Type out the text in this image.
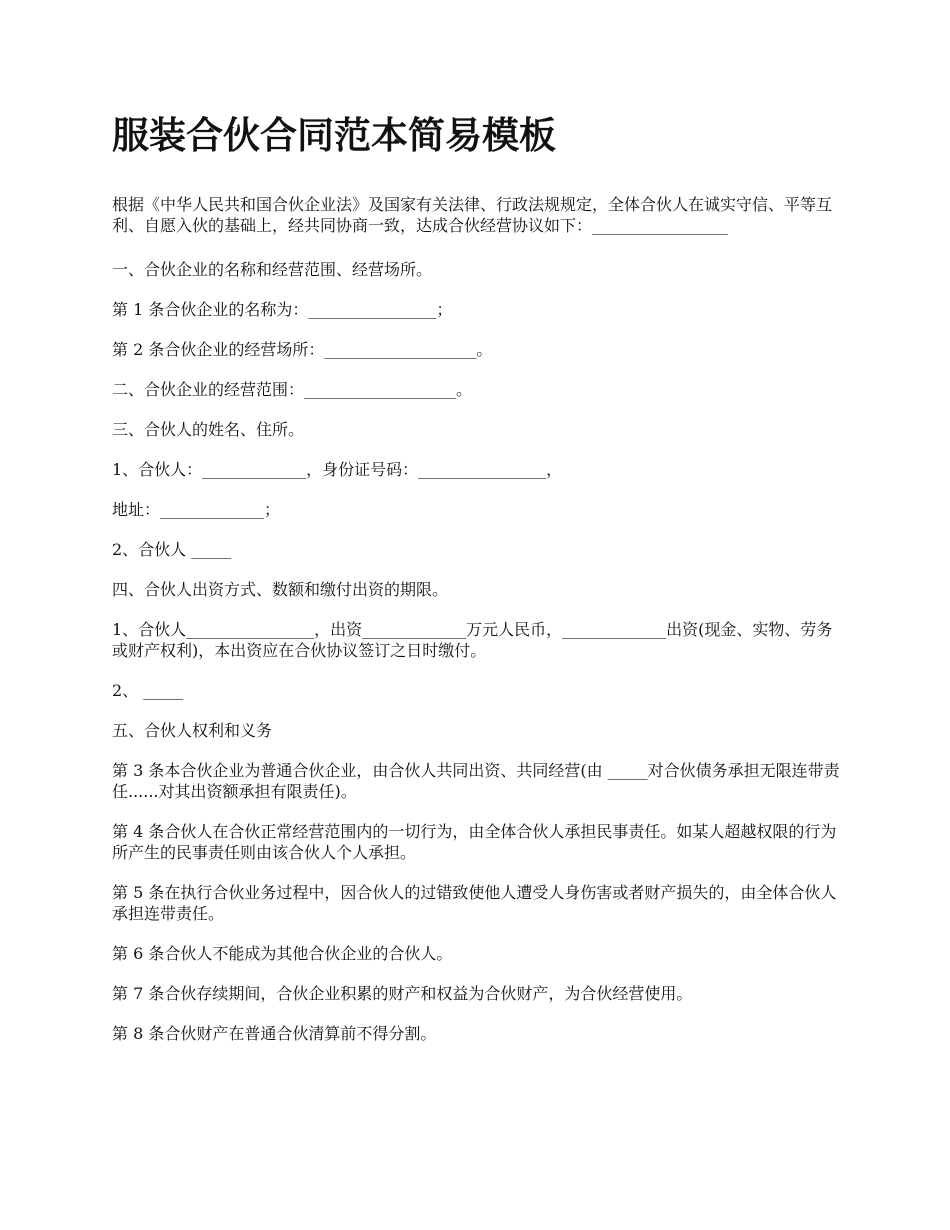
服装合伙合同范本简易模板

根据《中华人民共和国合伙企业法》及国家有关法律、行政法规规定，全体合伙人在诚实守信、平等互利、自愿入伙的基础上，经共同协商一致，达成合伙经营协议如下：_________________

一、合伙企业的名称和经营范围、经营场所。

第 1 条合伙企业的名称为：________________；

第 2 条合伙企业的经营场所：___________________。

二、合伙企业的经营范围：___________________。

三、合伙人的姓名、住所。

1、合伙人：_____________，身份证号码：________________，

地址：_____________；

2、合伙人 _____

四、合伙人出资方式、数额和缴付出资的期限。

1、合伙人________________，出资_____________万元人民币，_____________出资(现金、实物、劳务或财产权利)，本出资应在合伙协议签订之日时缴付。

2、 _____

五、合伙人权利和义务

第 3 条本合伙企业为普通合伙企业，由合伙人共同出资、共同经营(由 _____对合伙债务承担无限连带责任......对其出资额承担有限责任)。

第 4 条合伙人在合伙正常经营范围内的一切行为，由全体合伙人承担民事责任。如某人超越权限的行为所产生的民事责任则由该合伙人个人承担。

第 5 条在执行合伙业务过程中，因合伙人的过错致使他人遭受人身伤害或者财产损失的，由全体合伙人承担连带责任。

第 6 条合伙人不能成为其他合伙企业的合伙人。

第 7 条合伙存续期间，合伙企业积累的财产和权益为合伙财产，为合伙经营使用。

第 8 条合伙财产在普通合伙清算前不得分割。
